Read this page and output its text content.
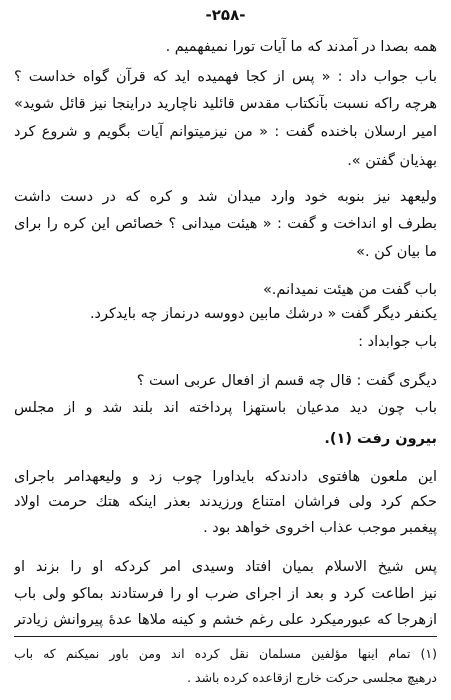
-۲۵۸-
همه بصدا در آمدند که ما آیات تورا نمیفهمیم .
باب جواب داد : « پس از کجا فهمیده اید که قرآن گواه خداست ؟
هرچه راکه نسبت بآنکتاب مقدس قائلید ناچارید دراینجا نیز قائل شوید»
امیر ارسلان باخنده گفت : « من نیزمیتوانم آیات بگویم و شروع کرد
بهذیان گفتن ».
ولیعهد نیز بنوبه خود وارد میدان شد و کره که در دست داشت
بطرف او انداخت و گفت : « هیئت میدانی ؟ خصائص این کره را برای
ما بیان کن .»
باب گفت من هیئت نمیدانم.»
یکنفر دیگر گفت « درشك مابین دووسه درنماز چه بایدکرد.
باب جوابداد :
دیگری گفت : قال چه قسم از افعال عربی است ؟
باب چون دید مدعیان باستهزا پرداخته اند بلند شد و از مجلس
بیرون رفت (۱).
این ملعون هافتوی دادندکه بایداورا چوب زد و ولیعهدامر باجرای
حکم کرد ولی فراشان امتناع ورزیدند بعذر اینکه هتك حرمت اولاد
پیغمبر موجب عذاب اخروی خواهد بود .
پس شیخ الاسلام بمیان افتاد وسیدی امر کردکه او را بزند او
نیز اطاعت کرد و بعد از اجرای ضرب او را فرستادند بماکو ولی باب
ازهرجا که عبورمیکرد علی رغم خشم و کینه ملاها عدهٔ پیروانش زیادتر
(۱) تمام اینها مؤلفین مسلمان نقل کرده اند ومن باور نمیکنم که باب
درهیچ مجلسی حرکت خارج ازقاعده کرده باشد .
